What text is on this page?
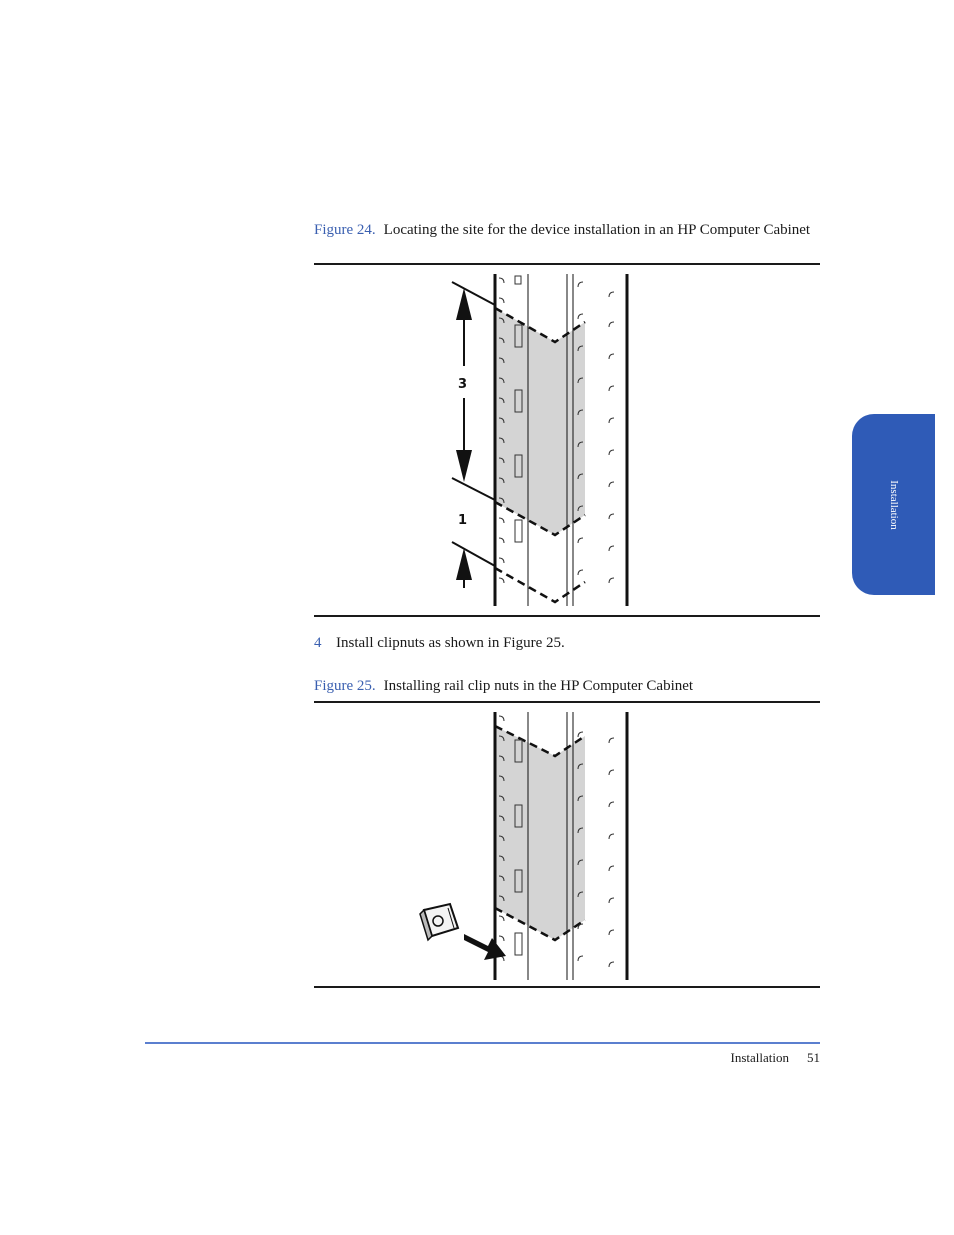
Figure 24. Locating the site for the device installation in an HP Computer Cabinet
3
1
4 Install clipnuts as shown in Figure 25.
Figure 25. Installing rail clip nuts in the HP Computer Cabinet
Installation
Installation 51
